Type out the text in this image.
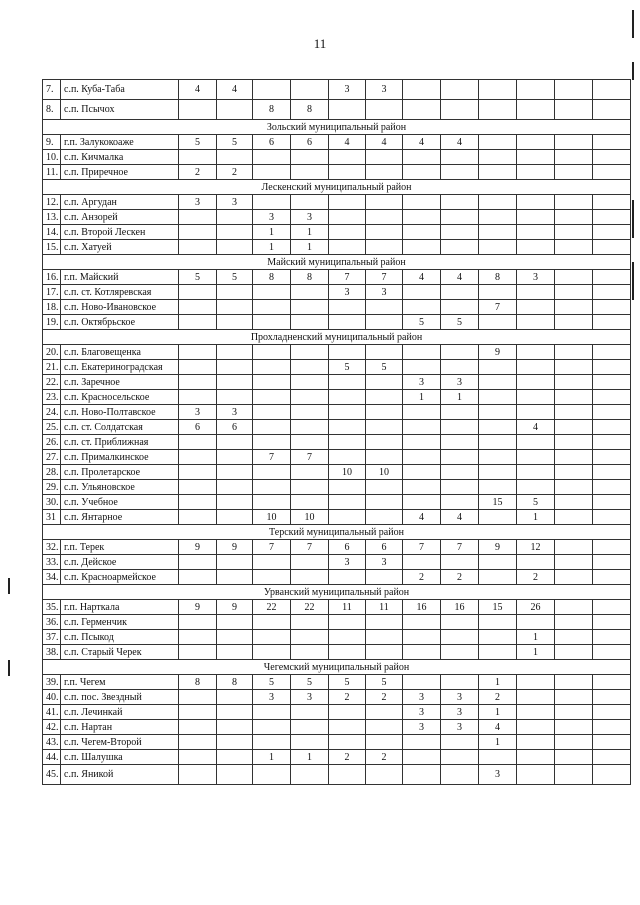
11
7.	с.п. Куба-Таба	4	4			3	3						
8.	с.п. Псычох			8	8								
Зольский муниципальный район													
9.	г.п. Залукокоаже	5	5	6	6	4	4	4	4				
10.	с.п. Кичмалка												
11.	с.п. Приречное	2	2										
Лескенский муниципальный район													
12.	с.п. Аргудан	3	3										
13.	с.п. Анзорей			3	3								
14.	с.п. Второй Лескен			1	1								
15.	с.п. Хатуей			1	1								
Майский муниципальный район													
16.	г.п. Майский	5	5	8	8	7	7	4	4	8	3		
17.	с.п. ст. Котляревская					3	3						
18.	с.п. Ново-Ивановское									7			
19.	с.п. Октябрьское							5	5				
Прохладненский муниципальный район													
20.	с.п. Благовещенка									9			
21.	с.п. Екатериноградская					5	5						
22.	с.п. Заречное							3	3				
23.	с.п. Красносельское							1	1				
24.	с.п. Ново-Полтавское	3	3										
25.	с.п. ст. Солдатская	6	6								4		
26.	с.п. ст. Приближная												
27.	с.п. Прималкинское			7	7								
28.	с.п. Пролетарское					10	10						
29.	с.п. Ульяновское												
30.	с.п. Учебное									15	5		
31	с.п. Янтарное			10	10			4	4		1		
Терский муниципальный район													
32.	г.п. Терек	9	9	7	7	6	6	7	7	9	12		
33.	с.п. Дейское					3	3						
34.	с.п. Красноармейское							2	2		2		
Урванский муниципальный район													
35.	г.п. Нарткала	9	9	22	22	11	11	16	16	15	26		
36.	с.п. Герменчик												
37.	с.п. Псыкод										1		
38.	с.п. Старый Черек										1		
Чегемский муниципальный район													
39.	г.п. Чегем	8	8	5	5	5	5			1			
40.	с.п. пос. Звездный			3	3	2	2	3	3	2			
41.	с.п. Лечинкай							3	3	1			
42.	с.п. Нартан							3	3	4			
43.	с.п. Чегем-Второй									1			
44.	с.п. Шалушка			1	1	2	2						
45.	с.п. Яникой									3			
